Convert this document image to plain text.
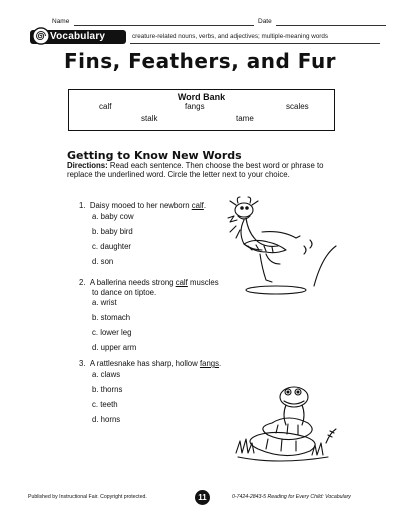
Name	Date
Vocabulary	creature-related nouns, verbs, and adjectives; multiple-meaning words
Fins, Feathers, and Fur
Word Bank
calf	fangs	scales
stalk	tame
Getting to Know New Words
Directions: Read each sentence. Then choose the best word or phrase to replace the underlined word. Circle the letter next to your choice.
1. Daisy mooed to her newborn calf.
a. baby cow
b. baby bird
c. daughter
d. son
2. A ballerina needs strong calf muscles
to dance on tiptoe.
a. wrist
b. stomach
c. lower leg
d. upper arm
3. A rattlesnake has sharp, hollow fangs.
a. claws
b. thorns
c. teeth
d. horns
Published by Instructional Fair. Copyright protected.	11	0-7424-2843-5 Reading for Every Child: Vocabulary
